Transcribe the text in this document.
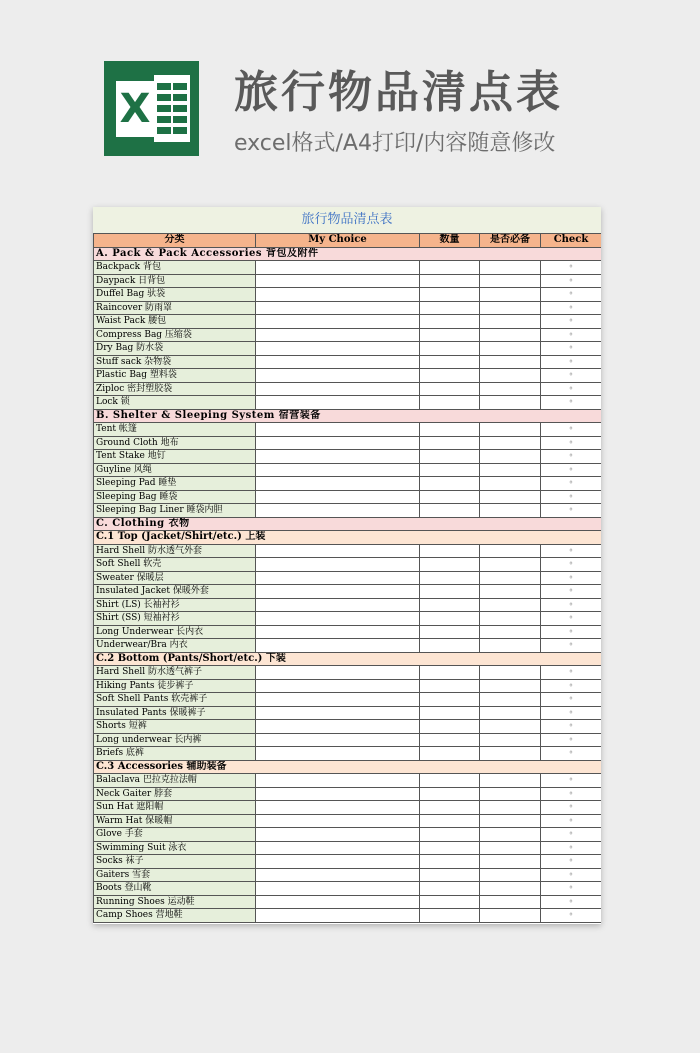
X 旅行物品清点表
excel格式/A4打印/内容随意修改
旅行物品清点表
分类	My Choice	数量	是否必备	Check
A. Pack & Pack Accessories 背包及附件				
Backpack 背包				◦
Daypack 日背包				◦
Duffel Bag 驮袋				◦
Raincover 防雨罩				◦
Waist Pack 腰包				◦
Compress Bag 压缩袋				◦
Dry Bag 防水袋				◦
Stuff sack 杂物袋				◦
Plastic Bag 塑料袋				◦
Ziploc 密封塑胶袋				◦
Lock 锁				◦
B. Shelter & Sleeping System 宿营装备				
Tent 帐篷				◦
Ground Cloth 地布				◦
Tent Stake 地钉				◦
Guyline 风绳				◦
Sleeping Pad 睡垫				◦
Sleeping Bag 睡袋				◦
Sleeping Bag Liner 睡袋内胆				◦
C. Clothing 衣物				
C.1 Top (Jacket/Shirt/etc.) 上装				
Hard Shell 防水透气外套				◦
Soft Shell 软壳				◦
Sweater 保暖层				◦
Insulated Jacket 保暖外套				◦
Shirt (LS) 长袖衬衫				◦
Shirt (SS) 短袖衬衫				◦
Long Underwear 长内衣				◦
Underwear/Bra 内衣				◦
C.2 Bottom (Pants/Short/etc.) 下装				
Hard Shell 防水透气裤子				◦
Hiking Pants 徒步裤子				◦
Soft Shell Pants 软壳裤子				◦
Insulated Pants 保暖裤子				◦
Shorts 短裤				◦
Long underwear 长内裤				◦
Briefs 底裤				◦
C.3 Accessories 辅助装备				
Balaclava 巴拉克拉法帽				◦
Neck Gaiter 脖套				◦
Sun Hat 遮阳帽				◦
Warm Hat 保暖帽				◦
Glove 手套				◦
Swimming Suit 泳衣				◦
Socks 袜子				◦
Gaiters 雪套				◦
Boots 登山靴				◦
Running Shoes 运动鞋				◦
Camp Shoes 营地鞋				◦
